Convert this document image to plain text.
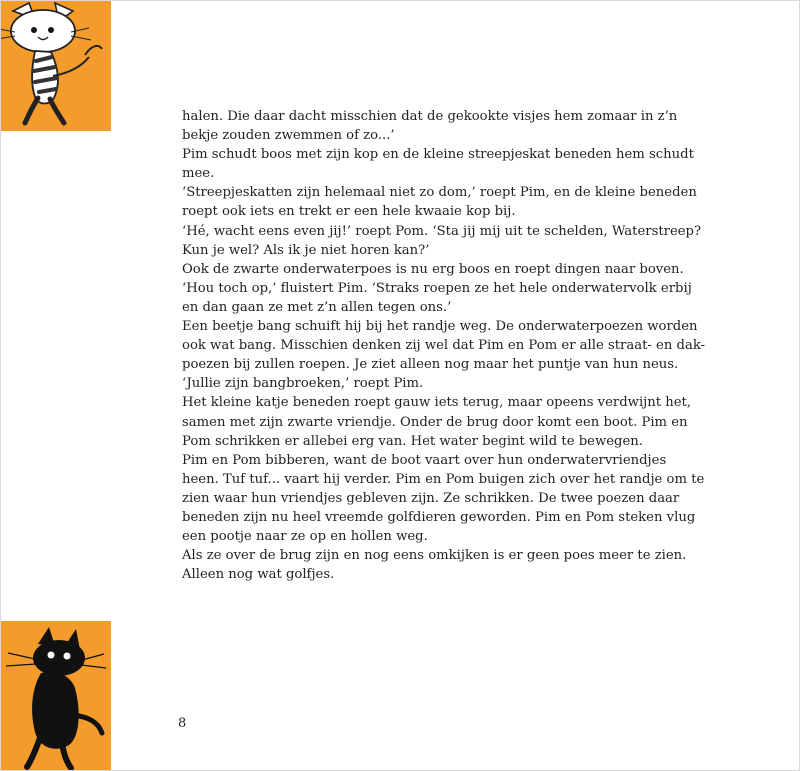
halen. Die daar dacht misschien dat de gekookte visjes hem zomaar in z’n
bekje zouden zwemmen of zo...’
Pim schudt boos met zijn kop en de kleine streepjeskat beneden hem schudt
mee.
‘Streepjeskatten zijn helemaal niet zo dom,’ roept Pim, en de kleine beneden
roept ook iets en trekt er een hele kwaaie kop bij.
‘Hé, wacht eens even jij!’ roept Pom. ‘Sta jij mij uit te schelden, Waterstreep?
Kun je wel? Als ik je niet horen kan?’
Ook de zwarte onderwaterpoes is nu erg boos en roept dingen naar boven.
‘Hou toch op,’ fluistert Pim. ‘Straks roepen ze het hele onderwatervolk erbij
en dan gaan ze met z’n allen tegen ons.’
Een beetje bang schuift hij bij het randje weg. De onderwaterpoezen worden
ook wat bang. Misschien denken zij wel dat Pim en Pom er alle straat- en dak-
poezen bij zullen roepen. Je ziet alleen nog maar het puntje van hun neus.
‘Jullie zijn bangbroeken,’ roept Pim.
Het kleine katje beneden roept gauw iets terug, maar opeens verdwijnt het,
samen met zijn zwarte vriendje. Onder de brug door komt een boot. Pim en
Pom schrikken er allebei erg van. Het water begint wild te bewegen.
Pim en Pom bibberen, want de boot vaart over hun onderwatervriendjes
heen. Tuf tuf... vaart hij verder. Pim en Pom buigen zich over het randje om te
zien waar hun vriendjes gebleven zijn. Ze schrikken. De twee poezen daar
beneden zijn nu heel vreemde golfdieren geworden. Pim en Pom steken vlug
een pootje naar ze op en hollen weg.
Als ze over de brug zijn en nog eens omkijken is er geen poes meer te zien.
Alleen nog wat golfjes.
8
